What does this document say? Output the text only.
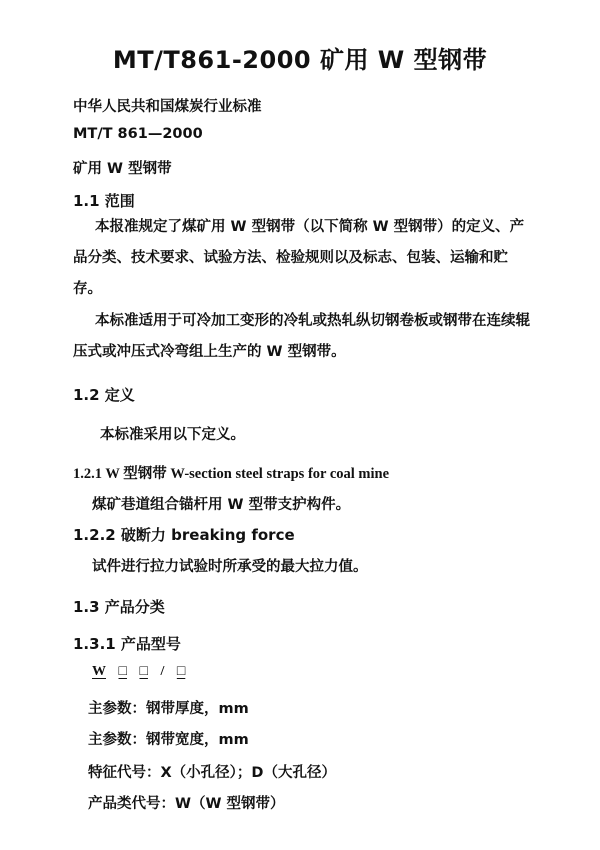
MT/T861-2000 矿用 W 型钢带
中华人民共和国煤炭行业标准
MT/T 861—2000
矿用 W 型钢带
1.1 范围
本报准规定了煤矿用 W 型钢带（以下简称 W 型钢带）的定义、产品分类、技术要求、试验方法、检验规则以及标志、包装、运输和贮存。
本标准适用于可冷加工变形的冷轧或热轧纵切钢卷板或钢带在连续辊压式或冲压式冷弯组上生产的 W 型钢带。
1.2 定义
本标准采用以下定义。
1.2.1 W 型钢带 W-section steel straps for coal mine
煤矿巷道组合锚杆用 W 型带支护构件。
1.2.2 破断力 breaking force
试件进行拉力试验时所承受的最大拉力值。
1.3 产品分类
1.3.1 产品型号
W □ □ / □
主参数：钢带厚度，mm
主参数：钢带宽度，mm
特征代号：X（小孔径）；D（大孔径）
产品类代号：W（W 型钢带）
